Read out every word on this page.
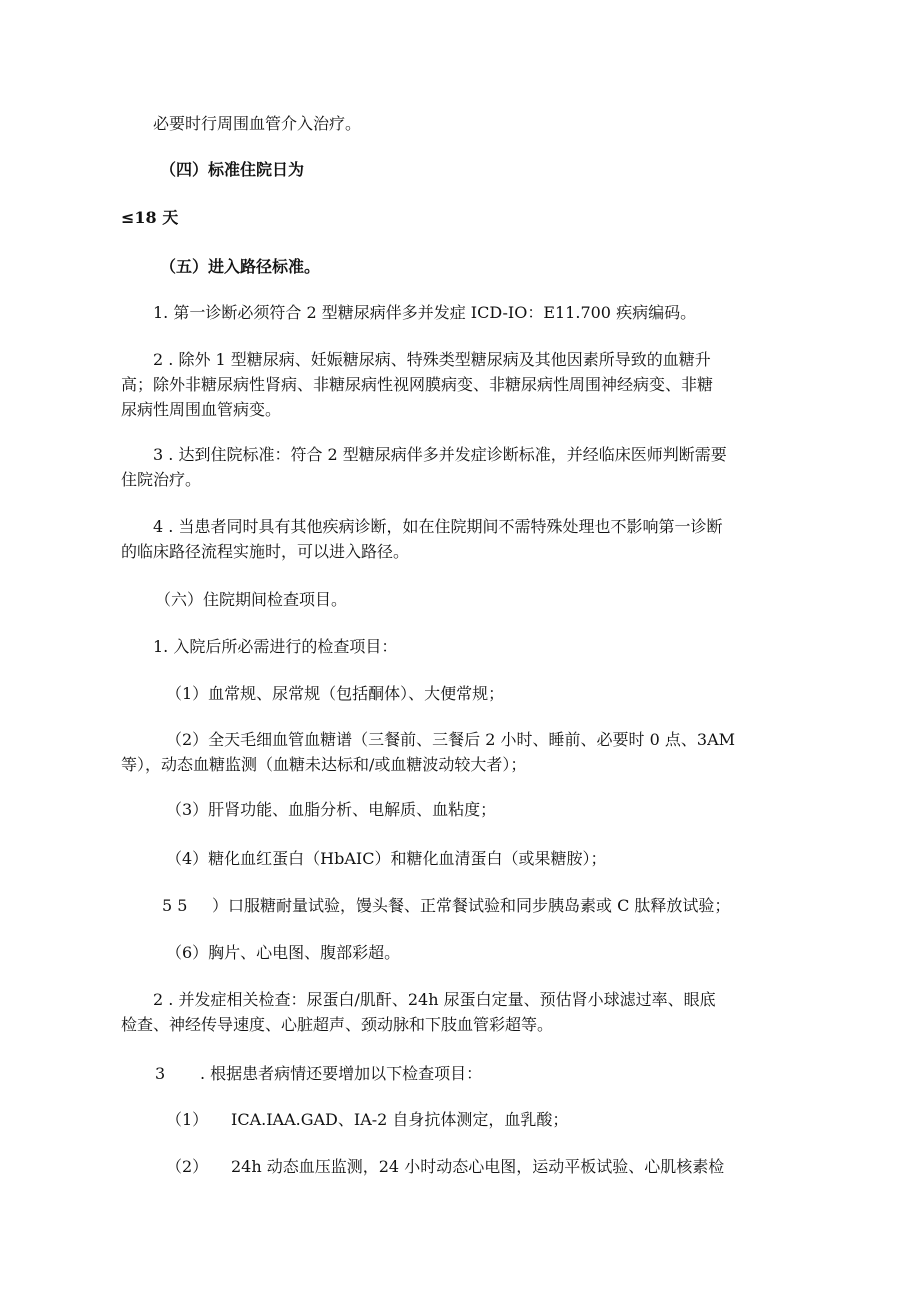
必要时行周围血管介入治疗。
（四）标准住院日为
≤18 天
（五）进入路径标准。
1. 第一诊断必须符合 2 型糖尿病伴多并发症 ICD-IO：E11.700 疾病编码。
2 . 除外 1 型糖尿病、妊娠糖尿病、特殊类型糖尿病及其他因素所导致的血糖升
高；除外非糖尿病性肾病、非糖尿病性视网膜病变、非糖尿病性周围神经病变、非糖
尿病性周围血管病变。
3 . 达到住院标准：符合 2 型糖尿病伴多并发症诊断标准，并经临床医师判断需要
住院治疗。
4 . 当患者同时具有其他疾病诊断，如在住院期间不需特殊处理也不影响第一诊断
的临床路径流程实施时，可以进入路径。
（六）住院期间检查项目。
1. 入院后所必需进行的检查项目：
（1）血常规、尿常规（包括酮体）、大便常规；
（2）全天毛细血管血糖谱（三餐前、三餐后 2 小时、睡前、必要时 0 点、3AM
等），动态血糖监测（血糖未达标和/或血糖波动较大者）；
（3）肝肾功能、血脂分析、电解质、血粘度；
（4）糖化血红蛋白（HbAIC）和糖化血清蛋白（或果糖胺）；
5 5 ）口服糖耐量试验，馒头餐、正常餐试验和同步胰岛素或 C 肽释放试验；
（6）胸片、心电图、腹部彩超。
2 . 并发症相关检查：尿蛋白/肌酐、24h 尿蛋白定量、预估肾小球滤过率、眼底
检查、神经传导速度、心脏超声、颈动脉和下肢血管彩超等。
3 . 根据患者病情还要增加以下检查项目：
（1） ICA.IAA.GAD、IA-2 自身抗体测定，血乳酸；
（2） 24h 动态血压监测，24 小时动态心电图，运动平板试验、心肌核素检
